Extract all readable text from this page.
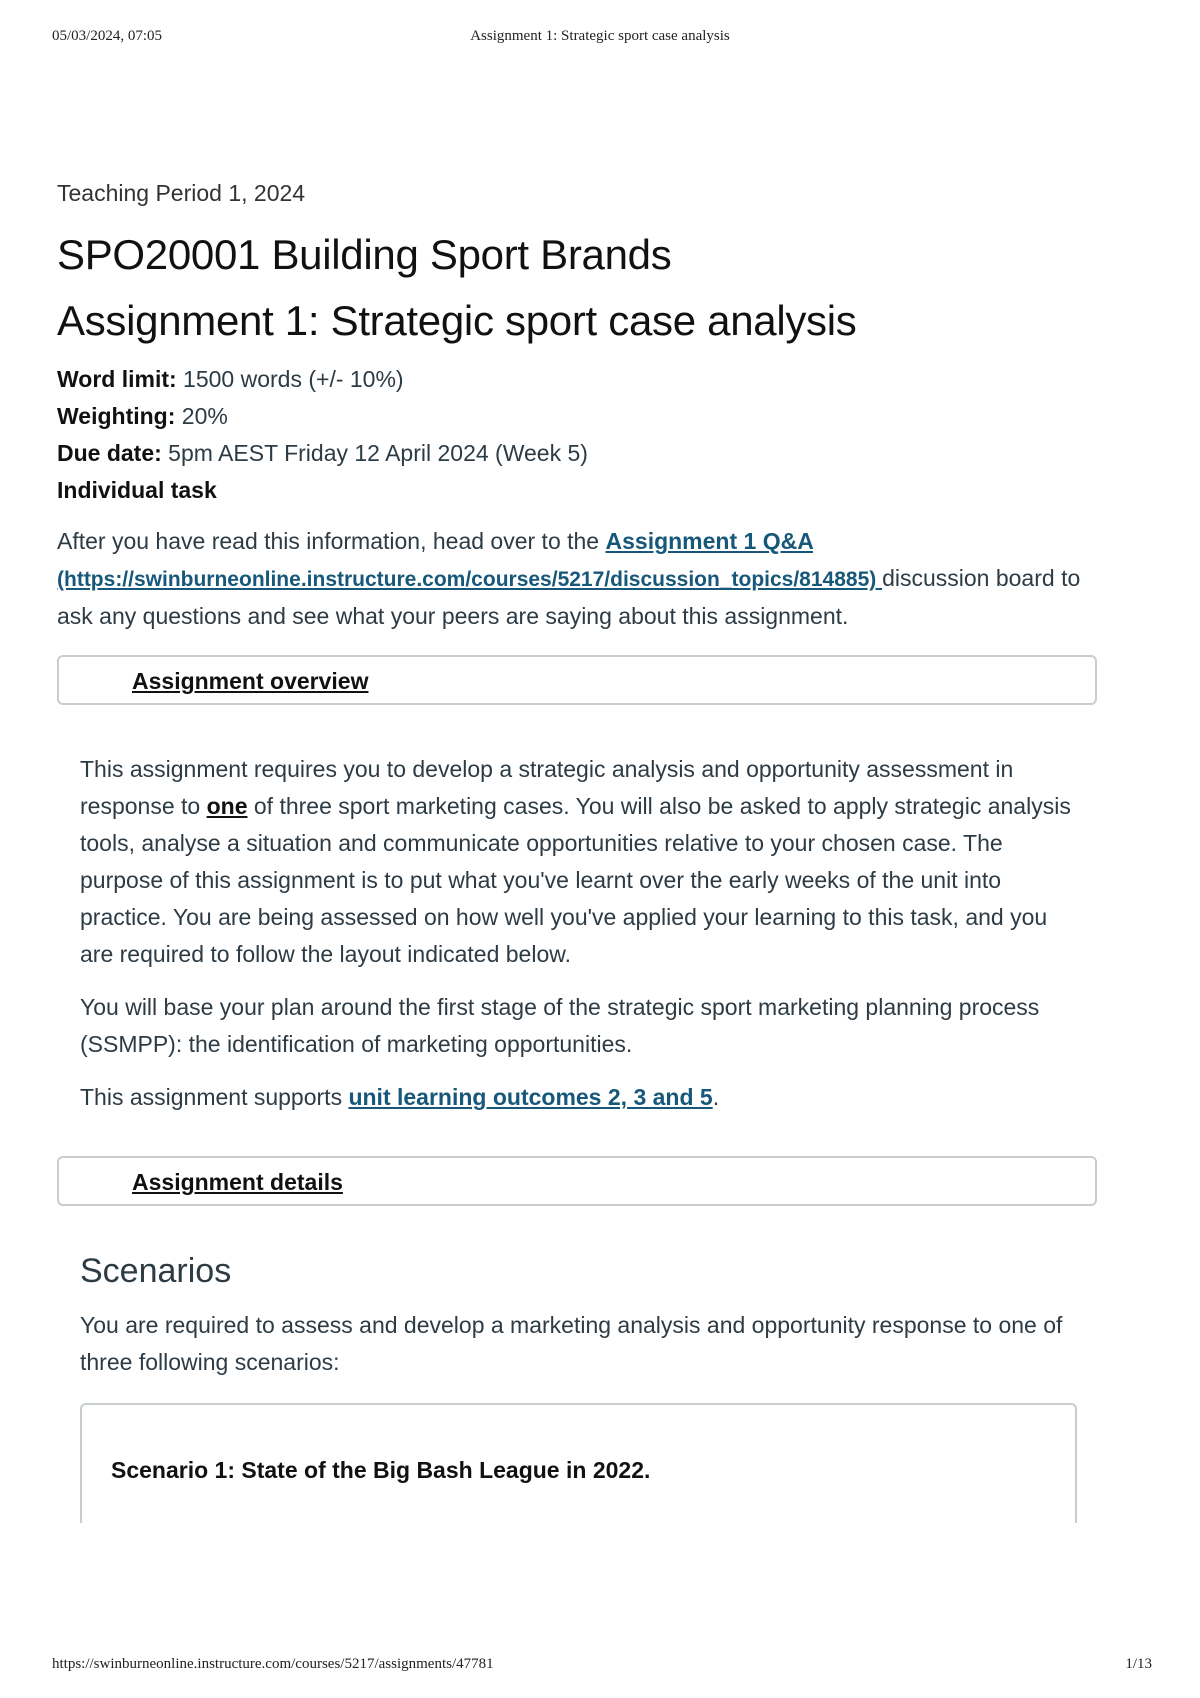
05/03/2024, 07:05	Assignment 1: Strategic sport case analysis
Teaching Period 1, 2024
SPO20001 Building Sport Brands
Assignment 1: Strategic sport case analysis
Word limit: 1500 words (+/- 10%)
Weighting: 20%
Due date: 5pm AEST Friday 12 April 2024 (Week 5)
Individual task

After you have read this information, head over to the Assignment 1 Q&A (https://swinburneonline.instructure.com/courses/5217/discussion_topics/814885) discussion board to ask any questions and see what your peers are saying about this assignment.

Assignment overview

This assignment requires you to develop a strategic analysis and opportunity assessment in response to one of three sport marketing cases. You will also be asked to apply strategic analysis tools, analyse a situation and communicate opportunities relative to your chosen case. The purpose of this assignment is to put what you've learnt over the early weeks of the unit into practice. You are being assessed on how well you've applied your learning to this task, and you are required to follow the layout indicated below.

You will base your plan around the first stage of the strategic sport marketing planning process (SSMPP): the identification of marketing opportunities.

This assignment supports unit learning outcomes 2, 3 and 5.

Assignment details
Scenarios

You are required to assess and develop a marketing analysis and opportunity response to one of three following scenarios:

Scenario 1: State of the Big Bash League in 2022.
https://swinburneonline.instructure.com/courses/5217/assignments/47781	1/13
